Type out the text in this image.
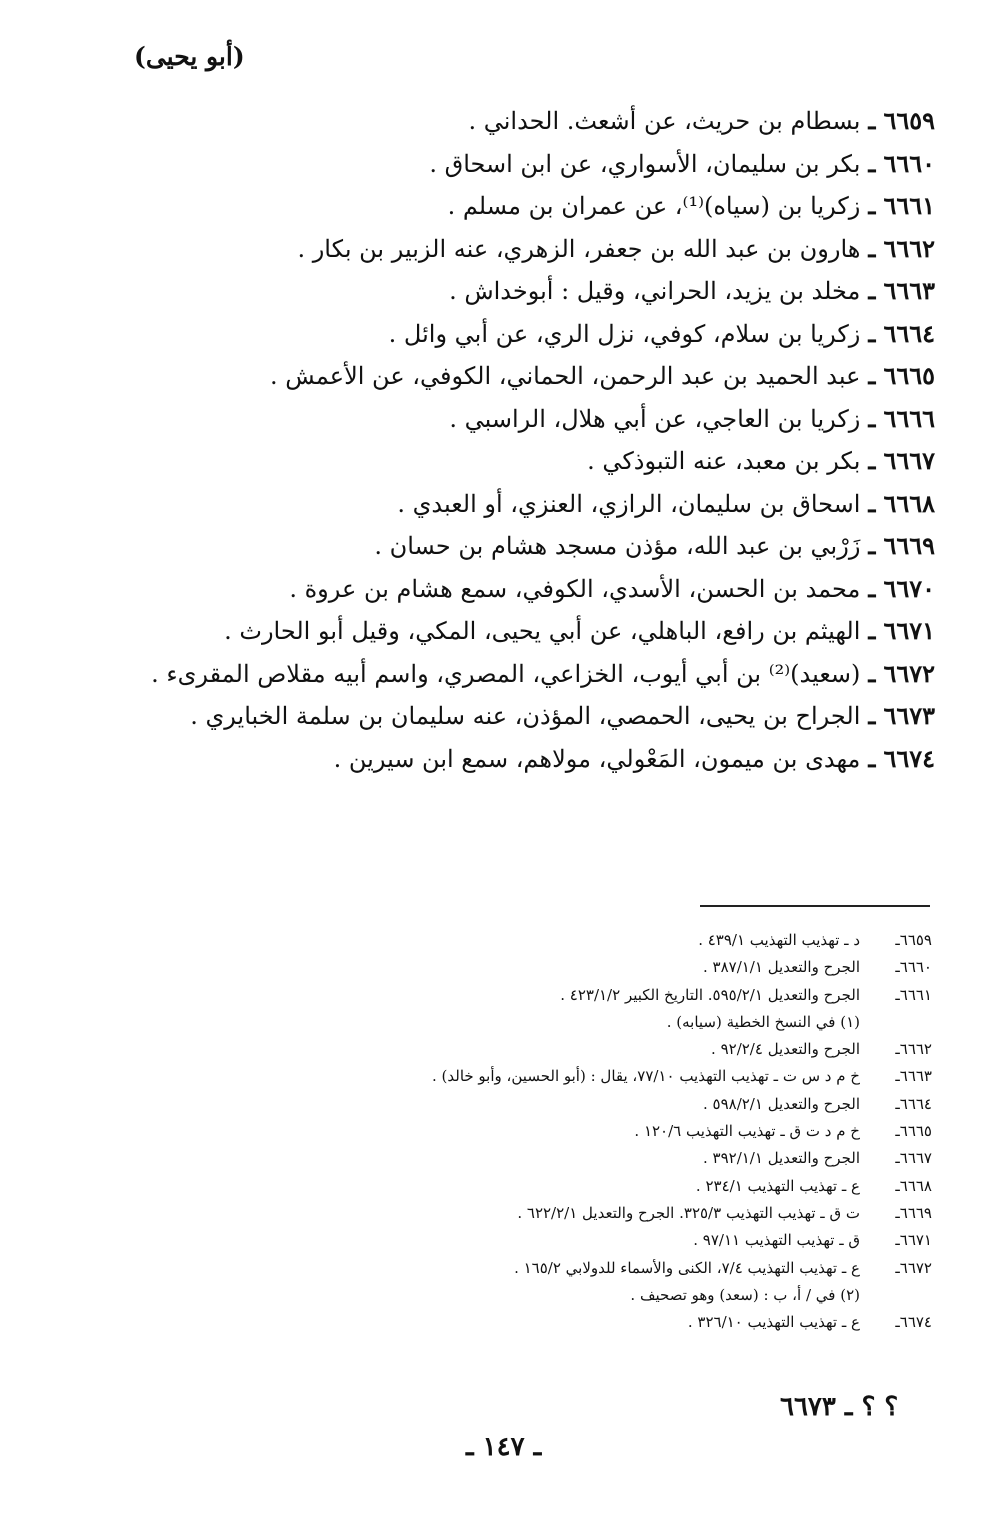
(أبو يحيى)
٦٦٥٩
ـ
بسطام بن حريث، عن أشعث. الحداني .
٦٦٦٠
ـ
بكر بن سليمان، الأسواري، عن ابن اسحاق .
٦٦٦١
ـ
زكريا بن (سياه)⁽¹⁾، عن عمران بن مسلم .
٦٦٦٢
ـ
هارون بن عبد الله بن جعفر، الزهري، عنه الزبير بن بكار .
٦٦٦٣
ـ
مخلد بن يزيد، الحراني، وقيل : أبوخداش .
٦٦٦٤
ـ
زكريا بن سلام، كوفي، نزل الري، عن أبي وائل .
٦٦٦٥
ـ
عبد الحميد بن عبد الرحمن، الحماني، الكوفي، عن الأعمش .
٦٦٦٦
ـ
زكريا بن العاجي، عن أبي هلال، الراسبي .
٦٦٦٧
ـ
بكر بن معبد، عنه التبوذكي .
٦٦٦٨
ـ
اسحاق بن سليمان، الرازي، العنزي، أو العبدي .
٦٦٦٩
ـ
زَرْبي بن عبد الله، مؤذن مسجد هشام بن حسان .
٦٦٧٠
ـ
محمد بن الحسن، الأسدي، الكوفي، سمع هشام بن عروة .
٦٦٧١
ـ
الهيثم بن رافع، الباهلي، عن أبي يحيى، المكي، وقيل أبو الحارث .
٦٦٧٢
ـ
(سعيد)⁽²⁾ بن أبي أيوب، الخزاعي، المصري، واسم أبيه مقلاص المقرىء .
٦٦٧٣
ـ
الجراح بن يحيى، الحمصي، المؤذن، عنه سليمان بن سلمة الخبايري .
٦٦٧٤
ـ
مهدى بن ميمون، المَعْولي، مولاهم، سمع ابن سيرين .
٦٦٥٩ـ
د ـ تهذيب التهذيب ٤٣٩/١ .
٦٦٦٠ـ
الجرح والتعديل ٣٨٧/١/١ .
٦٦٦١ـ
الجرح والتعديل ٥٩٥/٢/١. التاريخ الكبير ٤٢٣/١/٢ .
(١) في النسخ الخطية (سيابه) .
٦٦٦٢ـ
الجرح والتعديل ٩٢/٢/٤ .
٦٦٦٣ـ
خ م د س ت ـ تهذيب التهذيب ٧٧/١٠، يقال : (أبو الحسين، وأبو خالد) .
٦٦٦٤ـ
الجرح والتعديل ٥٩٨/٢/١ .
٦٦٦٥ـ
خ م د ت ق ـ تهذيب التهذيب ١٢٠/٦ .
٦٦٦٧ـ
الجرح والتعديل ٣٩٢/١/١ .
٦٦٦٨ـ
ع ـ تهذيب التهذيب ٢٣٤/١ .
٦٦٦٩ـ
ت ق ـ تهذيب التهذيب ٣٢٥/٣. الجرح والتعديل ٦٢٢/٢/١ .
٦٦٧١ـ
ق ـ تهذيب التهذيب ٩٧/١١ .
٦٦٧٢ـ
ع ـ تهذيب التهذيب ٧/٤، الكنى والأسماء للدولابي ١٦٥/٢ .
(٢) في / أ، ب : (سعد) وهو تصحيف .
٦٦٧٤ـ
ع ـ تهذيب التهذيب ٣٢٦/١٠ .
؟ ؟ ـ ٦٦٧٣
ـ ١٤٧ ـ
